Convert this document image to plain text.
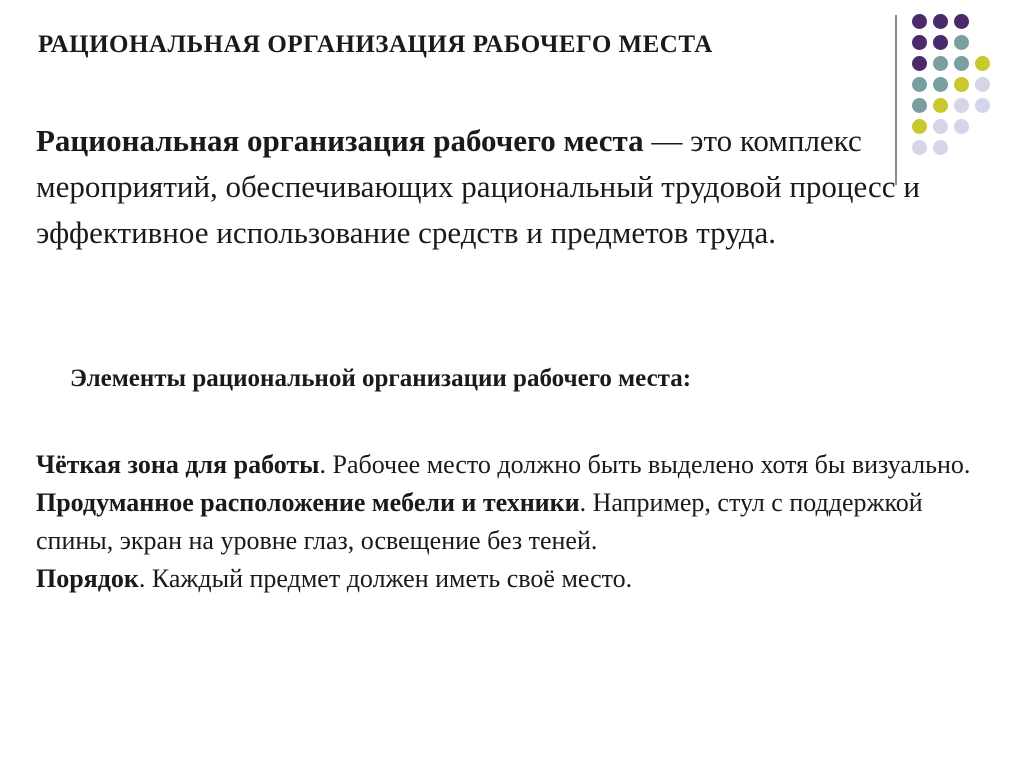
РАЦИОНАЛЬНАЯ ОРГАНИЗАЦИЯ РАБОЧЕГО МЕСТА

Рациональная организация рабочего места — это комплекс мероприятий, обеспечивающих рациональный трудовой процесс и эффективное использование средств и предметов труда.

Элементы рациональной организации рабочего места:

Чёткая зона для работы. Рабочее место должно быть выделено хотя бы визуально.

Продуманное расположение мебели и техники. Например, стул с поддержкой спины, экран на уровне глаз, освещение без теней.

Порядок. Каждый предмет должен иметь своё место.
